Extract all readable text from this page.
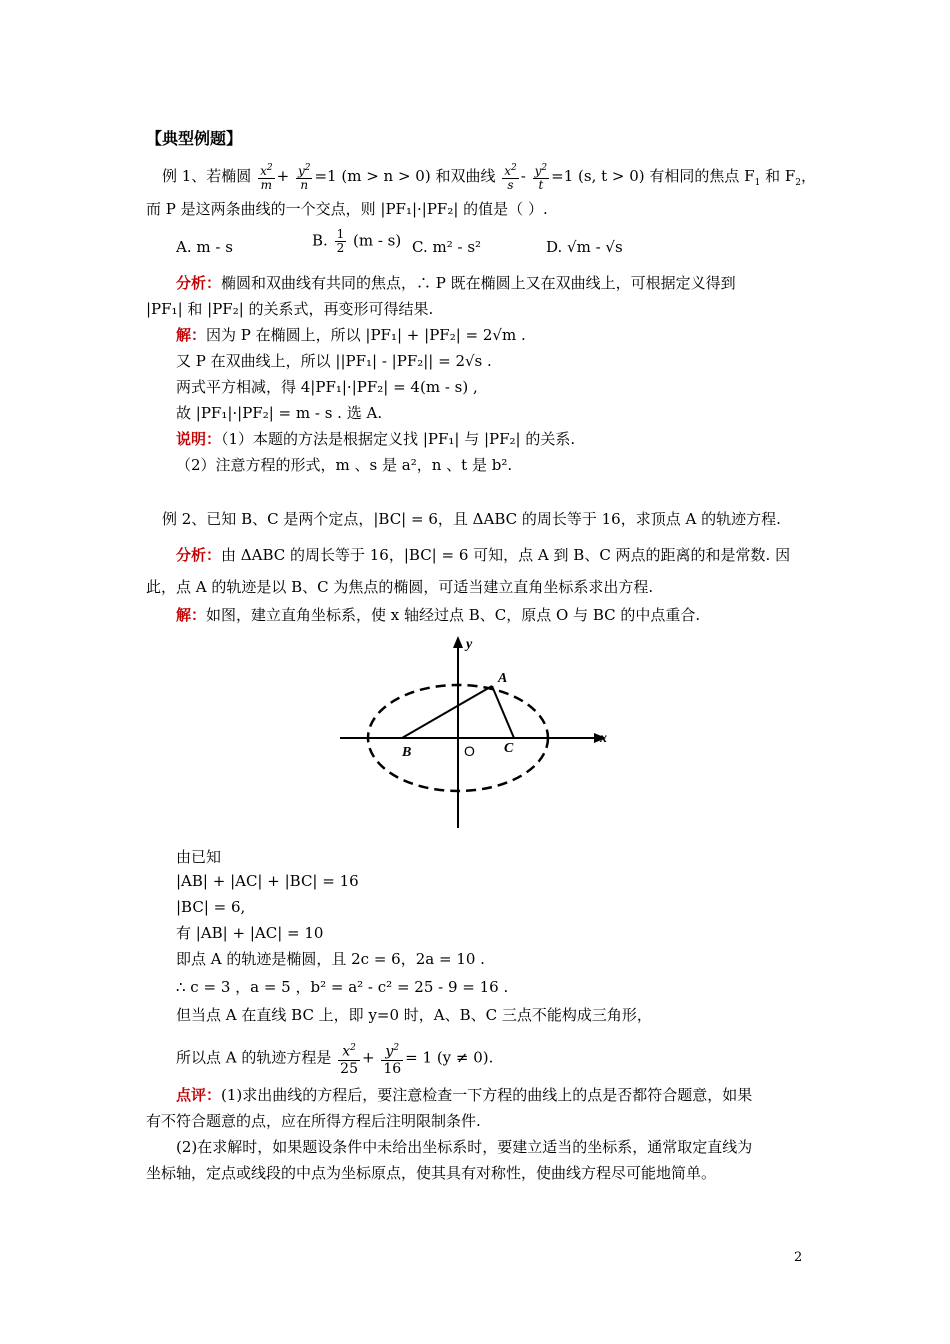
【典型例题】
例 1、若椭圆 $\frac{x^2}{m} + \frac{y^2}{n} =1$ (m > n > 0) 和双曲线 $\frac{x^2}{s} - \frac{y^2}{t} =1$ (s, t > 0) 有相同的焦点 $F_1$ 和 $F_2$，
而 P 是这两条曲线的一个交点，则 |PF₁|·|PF₂| 的值是（ ）.
A. m - s	B. $\frac{1}{2} (m - s)$ C. m² - s²	D. √m - √s
分析：椭圆和双曲线有共同的焦点，∴ P 既在椭圆上又在双曲线上，可根据定义得到
|PF₁| 和 |PF₂| 的关系式，再变形可得结果.
解：因为 P 在椭圆上，所以 |PF₁| + |PF₂| = 2√m .
又 P 在双曲线上，所以 ||PF₁| - |PF₂|| = 2√s .
两式平方相减，得 4|PF₁|·|PF₂| = 4(m - s) ,
故 |PF₁|·|PF₂| = m - s . 选 A.
说明：（1）本题的方法是根据定义找 |PF₁| 与 |PF₂| 的关系.
（2）注意方程的形式，m 、s 是 a²，n 、t 是 b².
例 2、已知 B、C 是两个定点，|BC| = 6，且 ΔABC 的周长等于 16，求顶点 A 的轨迹方程.
分析：由 ΔABC 的周长等于 16，|BC| = 6 可知，点 A 到 B、C 两点的距离的和是常数. 因
此，点 A 的轨迹是以 B、C 为焦点的椭圆，可适当建立直角坐标系求出方程.
解：如图，建立直角坐标系，使 x 轴经过点 B、C，原点 O 与 BC 的中点重合.
y
x
A
B	O C
由已知
|AB| + |AC| + |BC| = 16
|BC| = 6,
有 |AB| + |AC| = 10
即点 A 的轨迹是椭圆，且 2c = 6，2a = 10 .
∴ c = 3 ，a = 5 ，b² = a² - c² = 25 - 9 = 16 .
但当点 A 在直线 BC 上，即 y=0 时，A、B、C 三点不能构成三角形，
所以点 A 的轨迹方程是 $\frac{x^2}{25} + \frac{y^2}{16} = 1$ (y ≠ 0).
点评：(1)求出曲线的方程后，要注意检查一下方程的曲线上的点是否都符合题意，如果
有不符合题意的点，应在所得方程后注明限制条件.
(2)在求解时，如果题设条件中未给出坐标系时，要建立适当的坐标系，通常取定直线为
坐标轴，定点或线段的中点为坐标原点，使其具有对称性，使曲线方程尽可能地简单。
2
